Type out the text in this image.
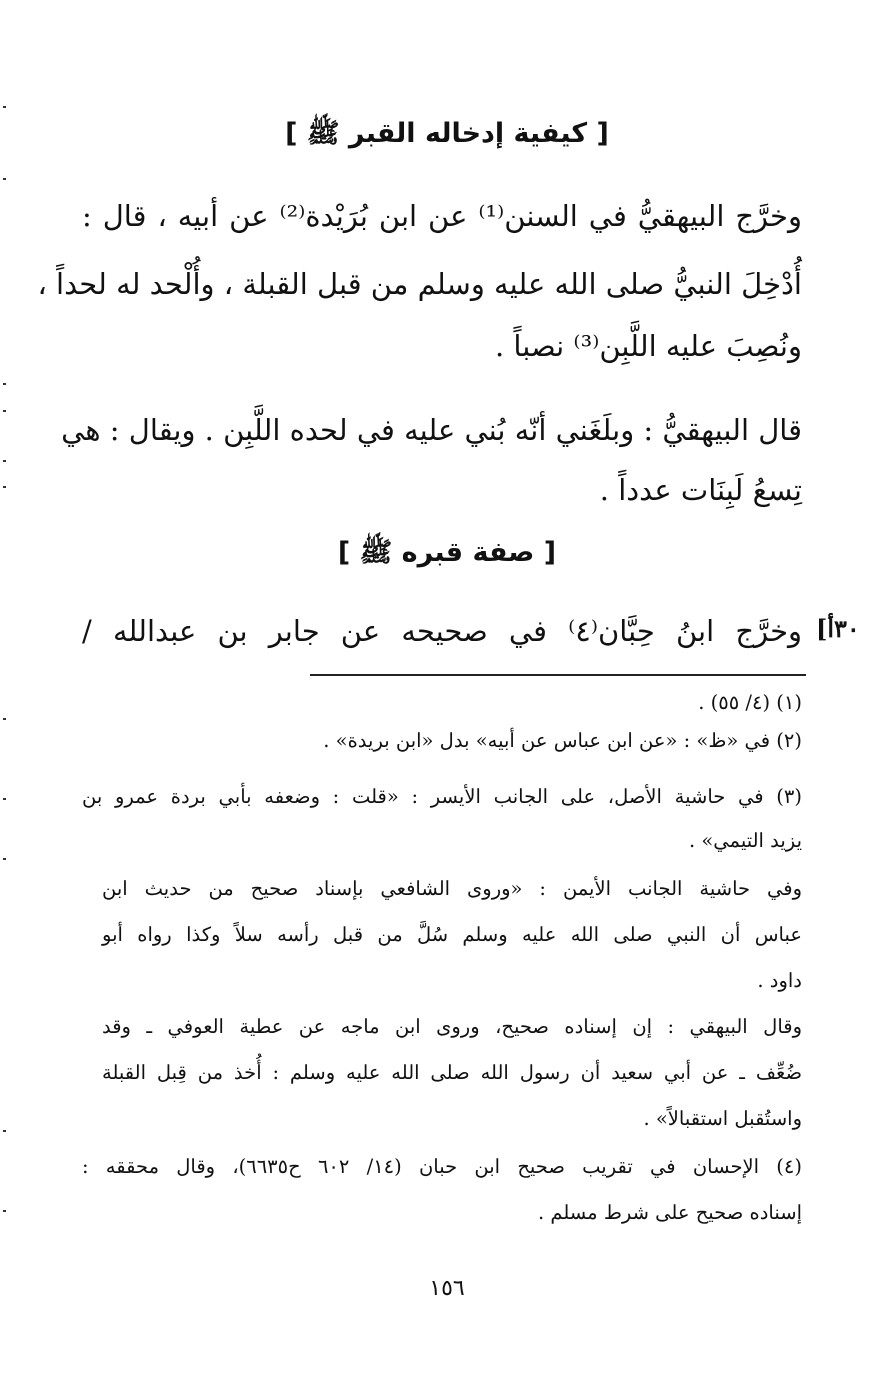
[ كيفية إدخاله القبر ﷺ ]
وخرَّج البيهقيُّ في السنن⁽¹⁾ عن ابن بُرَيْدة⁽²⁾ عن أبيه ، قال :
أُدْخِلَ النبيُّ صلى الله عليه وسلم من قبل القبلة ، وأُلْحد له لحداً ،
ونُصِبَ عليه اللَّبِن⁽³⁾ نصباً .
قال البيهقيُّ : وبلَغَني أنّه بُني عليه في لحده اللَّبِن . ويقال : هي
تِسعُ لَبِنَات عدداً .
[ صفة قبره ﷺ ]
وخرَّج ابنُ حِبَّان⁽٤⁾ في صحيحه عن جابر بن عبدالله / ٣٠أ]
(١) (٤/ ٥٥) .
(٢) في «ظ» : «عن ابن عباس عن أبيه» بدل «ابن بريدة» .
(٣) في حاشية الأصل، على الجانب الأيسر : «قلت : وضعفه بأبي بردة عمرو بن
يزيد التيمي» .
وفي حاشية الجانب الأيمن : «وروى الشافعي بإسناد صحيح من حديث ابن
عباس أن النبي صلى الله عليه وسلم سُلَّ من قبل رأسه سلاً وكذا رواه أبو
داود .
وقال البيهقي : إن إسناده صحيح، وروى ابن ماجه عن عطية العوفي ـ وقد
ضُعِّف ـ عن أبي سعيد أن رسول الله صلى الله عليه وسلم : أُخذ من قِبل القبلة
واستُقبل استقبالاً» .
(٤) الإحسان في تقريب صحيح ابن حبان (١٤/ ٦٠٢ ح٦٦٣٥)، وقال محققه :
إسناده صحيح على شرط مسلم .
١٥٦
